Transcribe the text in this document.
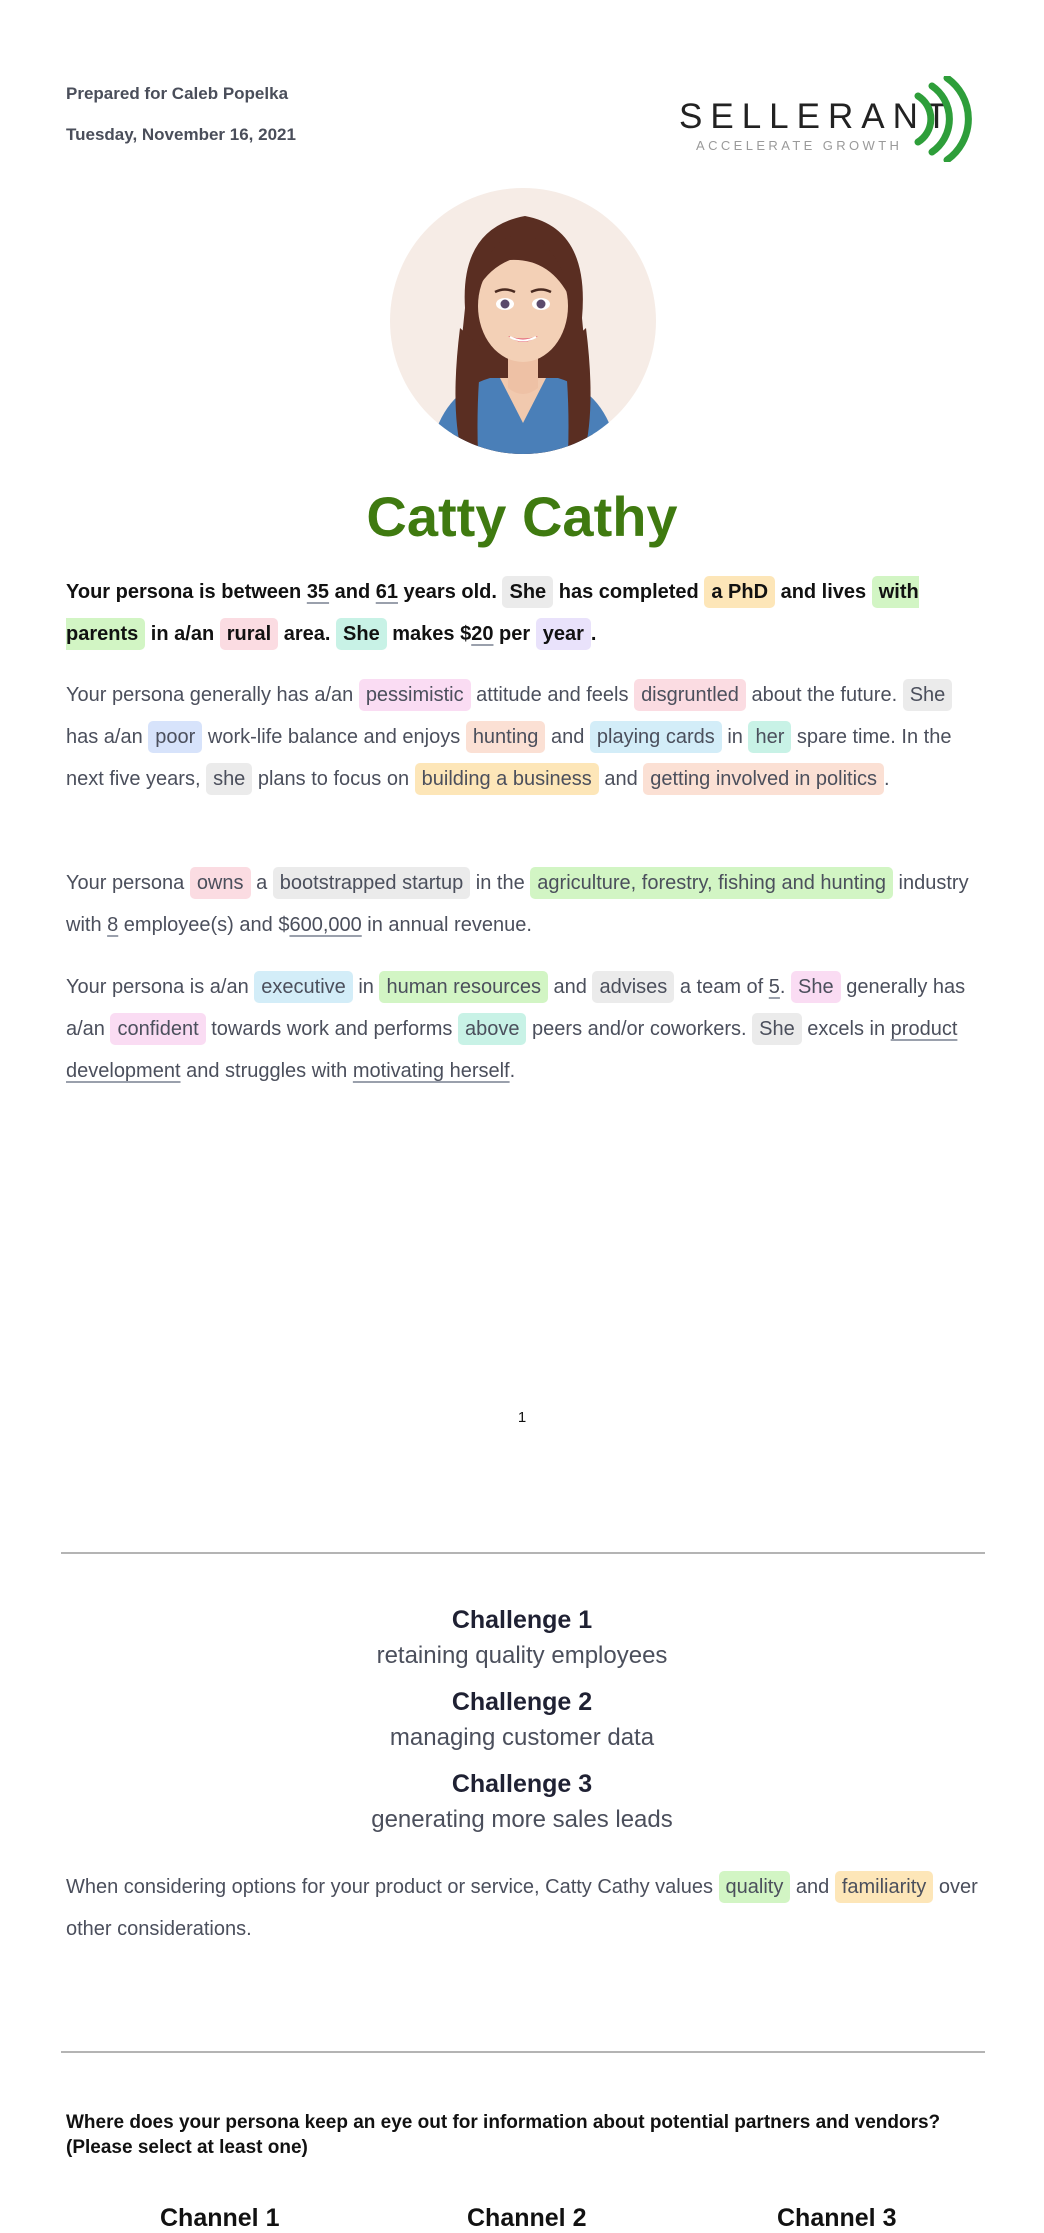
Prepared for Caleb Popelka
Tuesday, November 16, 2021	SELLERANT
ACCELERATE GROWTH
Catty Cathy
Your persona is between 35 and 61 years old. She has completed a PhD and lives with parents in a/an rural area. She makes $20 per year .
Your persona generally has a/an pessimistic attitude and feels disgruntled about the future. She has a/an poor work-life balance and enjoys hunting and playing cards in her spare time. In the next five years, she plans to focus on building a business and getting involved in politics .
Your persona owns a bootstrapped startup in the agriculture, forestry, fishing and hunting industry with 8 employee(s) and $600,000 in annual revenue.
Your persona is a/an executive in human resources and advises a team of 5. She generally has a/an confident towards work and performs above peers and/or coworkers. She excels in product development and struggles with motivating herself.
1
Challenge 1
retaining quality employees
Challenge 2
managing customer data
Challenge 3
generating more sales leads
When considering options for your product or service, Catty Cathy values quality and familiarity over other considerations.
Where does your persona keep an eye out for information about potential partners and vendors? (Please select at least one)
Channel 1	Channel 2	Channel 3
